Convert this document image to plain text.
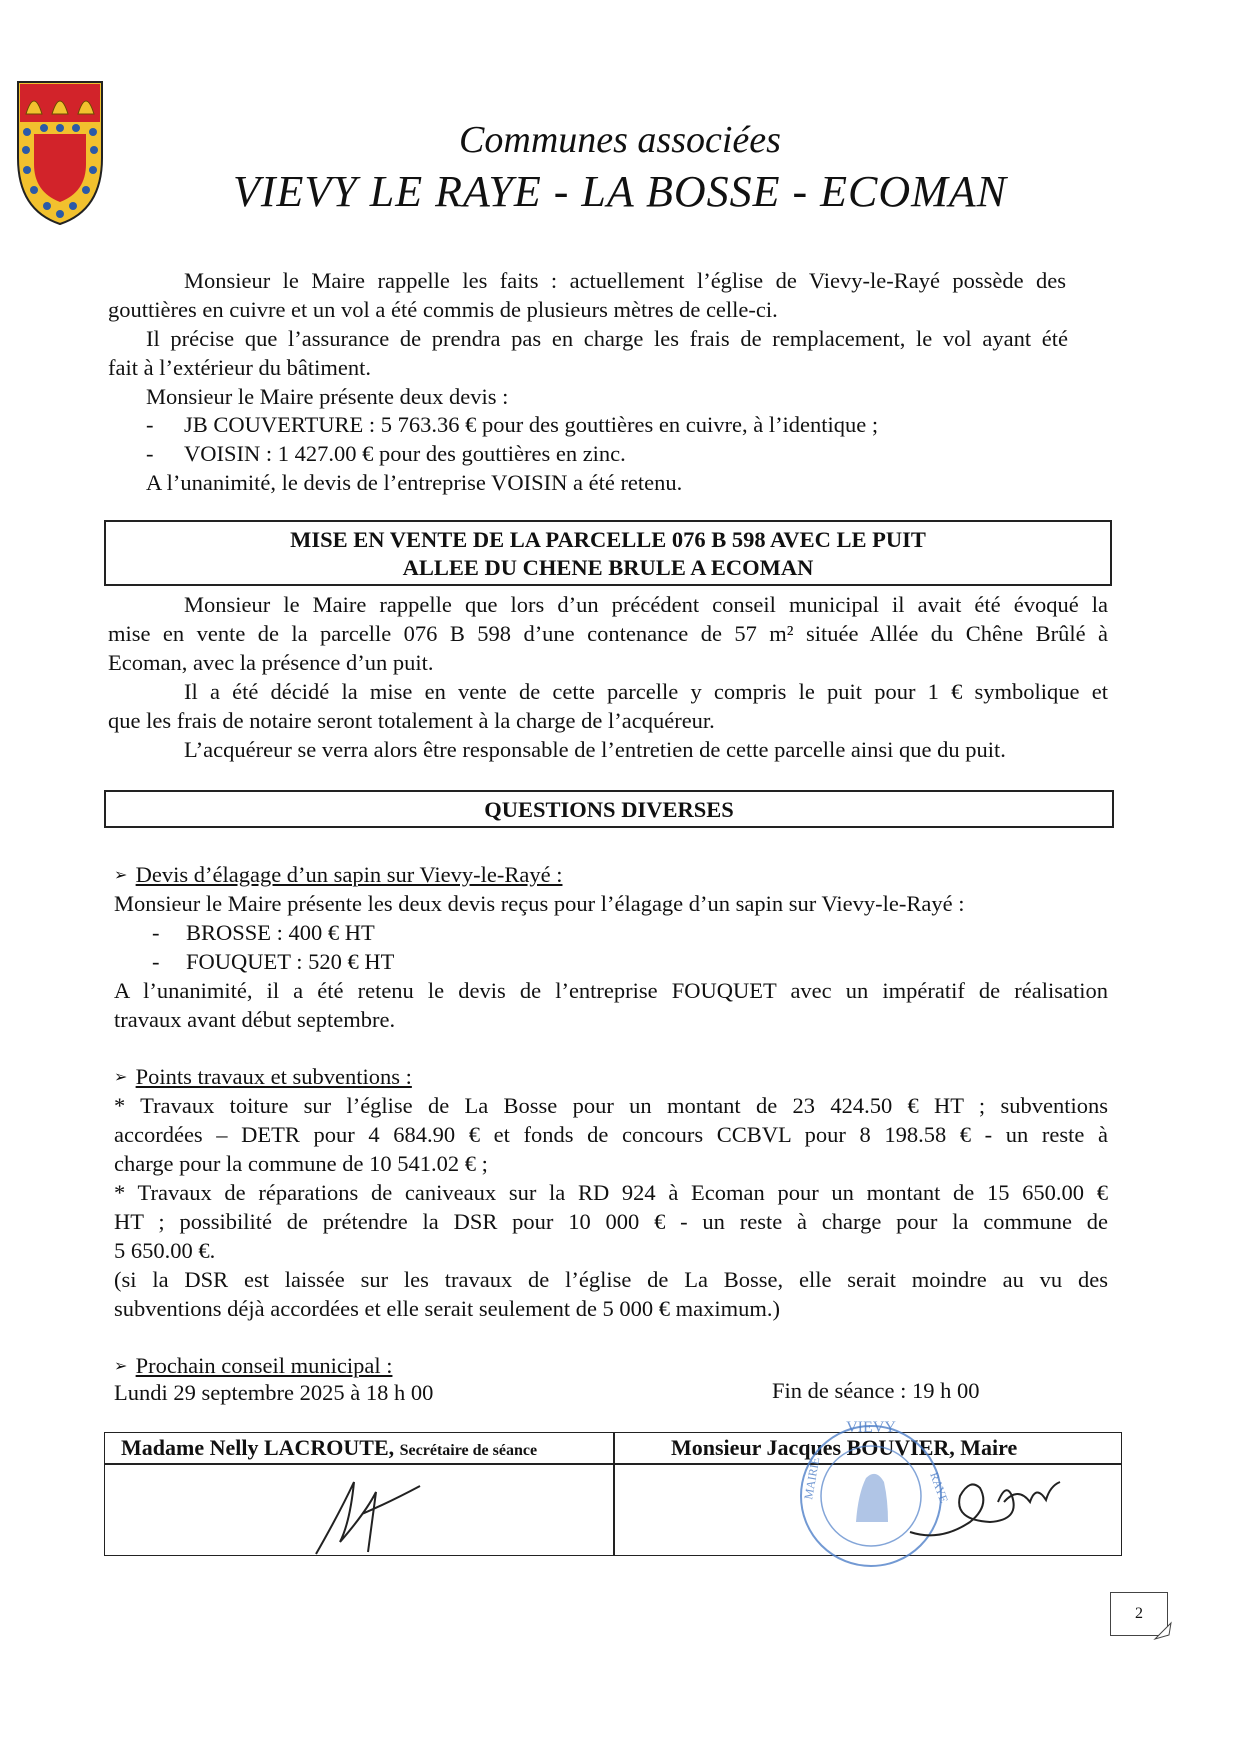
Communes associées
VIEVY LE RAYE - LA BOSSE - ECOMAN
Monsieur le Maire rappelle les faits : actuellement l’église de Vievy-le-Rayé possède des
gouttières en cuivre et un vol a été commis de plusieurs mètres de celle-ci.
Il précise que l’assurance de prendra pas en charge les frais de remplacement, le vol ayant été
fait à l’extérieur du bâtiment.
Monsieur le Maire présente deux devis :
- JB COUVERTURE : 5 763.36 € pour des gouttières en cuivre, à l’identique ;
- VOISIN : 1 427.00 € pour des gouttières en zinc.
A l’unanimité, le devis de l’entreprise VOISIN a été retenu.
MISE EN VENTE DE LA PARCELLE 076 B 598 AVEC LE PUIT
ALLEE DU CHENE BRULE A ECOMAN
Monsieur le Maire rappelle que lors d’un précédent conseil municipal il avait été évoqué la
mise en vente de la parcelle 076 B 598 d’une contenance de 57 m² située Allée du Chêne Brûlé à
Ecoman, avec la présence d’un puit.
Il a été décidé la mise en vente de cette parcelle y compris le puit pour 1 € symbolique et
que les frais de notaire seront totalement à la charge de l’acquéreur.
L’acquéreur se verra alors être responsable de l’entretien de cette parcelle ainsi que du puit.
QUESTIONS DIVERSES
➢ Devis d’élagage d’un sapin sur Vievy-le-Rayé :
Monsieur le Maire présente les deux devis reçus pour l’élagage d’un sapin sur Vievy-le-Rayé :
- BROSSE : 400 € HT
- FOUQUET : 520 € HT
A l’unanimité, il a été retenu le devis de l’entreprise FOUQUET avec un impératif de réalisation
travaux avant début septembre.
➢ Points travaux et subventions :
* Travaux toiture sur l’église de La Bosse pour un montant de 23 424.50 € HT ; subventions
accordées – DETR pour 4 684.90 € et fonds de concours CCBVL pour 8 198.58 € - un reste à
charge pour la commune de 10 541.02 € ;
* Travaux de réparations de caniveaux sur la RD 924 à Ecoman pour un montant de 15 650.00 €
HT ; possibilité de prétendre la DSR pour 10 000 € - un reste à charge pour la commune de
5 650.00 €.
(si la DSR est laissée sur les travaux de l’église de La Bosse, elle serait moindre au vu des
subventions déjà accordées et elle serait seulement de 5 000 € maximum.)
➢ Prochain conseil municipal :
Lundi 29 septembre 2025 à 18 h 00	Fin de séance : 19 h 00
Madame Nelly LACROUTE, Secrétaire de séance	Monsieur Jacques BOUVIER, Maire
VIEVY
MAIRIE	RAYE
2
